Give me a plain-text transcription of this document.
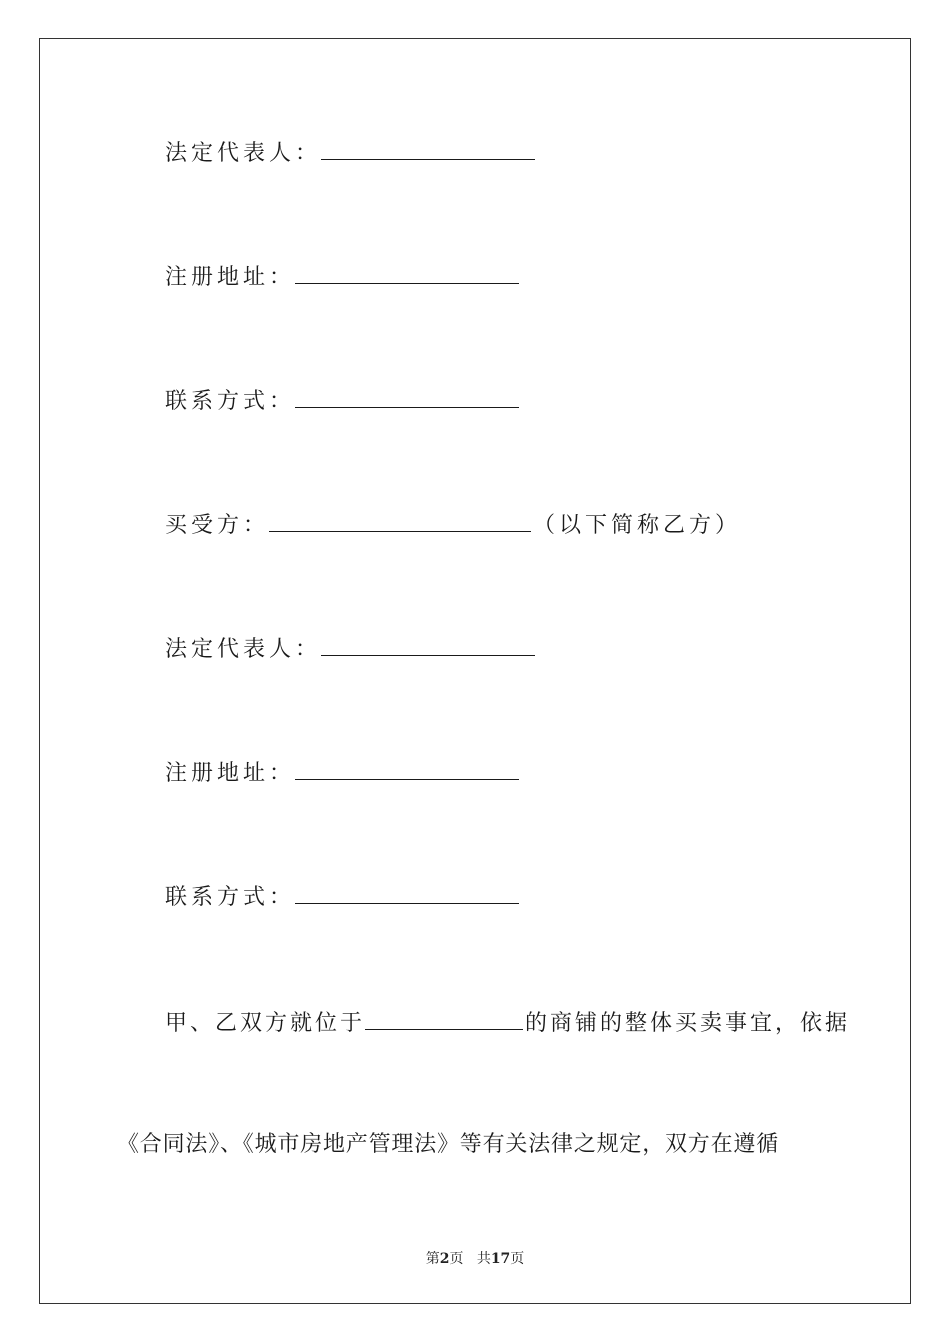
法定代表人：
注册地址：
联系方式：
买受方：	（以下简称乙方）
法定代表人：
注册地址：
联系方式：
甲、乙双方就位于	的商铺的整体买卖事宜，依据
《合同法》、《城市房地产管理法》等有关法律之规定，双方在遵循
第2页 共17页
